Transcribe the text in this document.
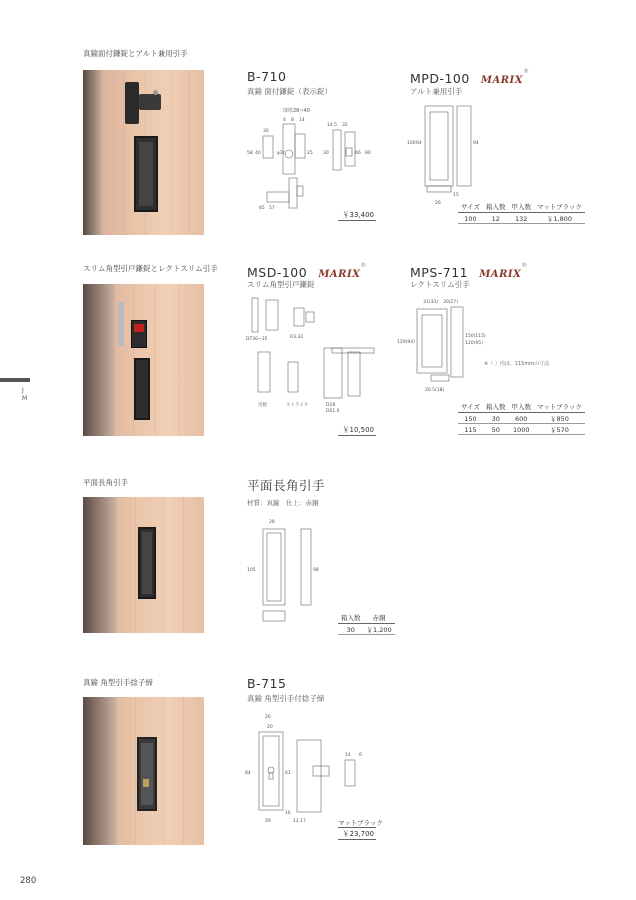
J
M
真鍮面付鎌錠とアルト兼用引手
B-710
真鍮 面付鎌錠（表示錠）
扉厚28~40
4 8 14
30
58 40	φ32	25
14.5 32
30	66 80
85 57
￥33,400
MPD-100 MARIX®
アルト兼用引手
100 64	94
26
15
サイズ	箱入数	甲入数	マットブラック
100	12	132	￥1,800
スリム角型引戸鎌錠とレクトスリム引手 MSD-100 MARIX®
スリム角型引戸鎌錠
DT30~35	R3.32
受板	ストライク	D18
DS1.0
￥10,500
MPS-711 MARIX®
レクトスリム引手
31(33) 30(27)
129(94)
150(115)
120(95)
20.5(18)
※（ ）内は、115mmの寸法
サイズ	箱入数	甲入数	マットブラック
150	30	600	￥850
115	50	1000	￥570
平面長角引手	平面長角引手
材質：真鍮　仕上：赤銅
28
105	98
箱入数	赤銅
30	￥1,200
真鍮 角型引手捻子締	B-715
真鍮 角型引手付捻子締
26
20
84	61
14 6
29
16
12.17	マットブラック
￥23,700
280
